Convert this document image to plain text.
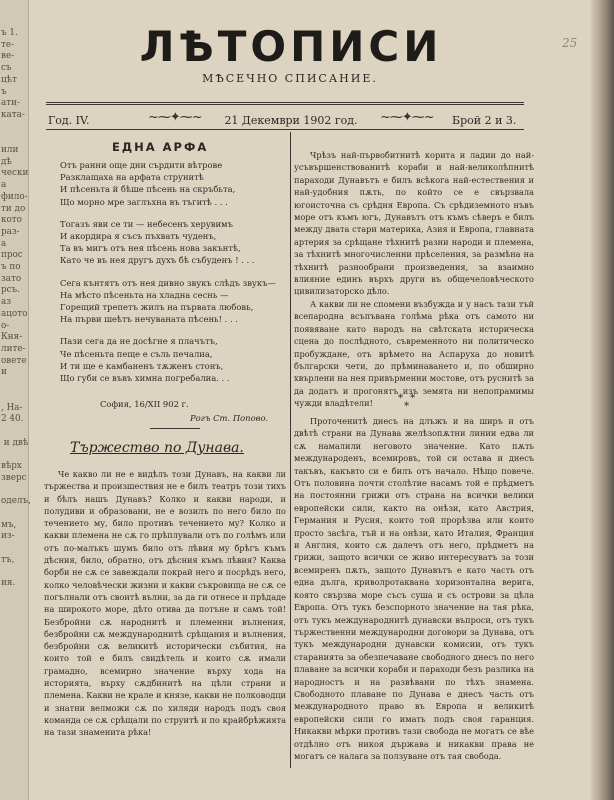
ъ 1.
те-
ве-
съ
цѣт
ъ
ати-
ката-

или
дѣ
чески
а
фило-
ти до
кото
раз-
а
прос
ъ по
зато
рсъ.
аз
ацото
о-
Кня-
лите-
овете
и

, На-
2 40.

и двѣ

вѣрх
зверс

оделъ,

мъ,
из-

тъ,

ия.
25
ЛѢТОПИСИ
МѢСЕЧНО СПИСАНИЕ.
Год. IV.	~⁓✦⁓~	21 Декември 1902 год.	~⁓✦⁓~ Брой 2 и 3.
ЕДНА АРФА

Отъ ранни още дни сърдити вѣтрове

Разклащаха на арфата струнитѣ

И пѣсеньта й бѣше пѣсень на скръбьта,

Що морно мре заглъхна въ тъгитѣ . . .

Тогазъ яви се ти — небесенъ херувимъ

И акордира я съсъ пъхвать чуденъ,

Та въ мигъ отъ нея пѣсень нова закънтѣ,

Като че въ нея другъ духъ бѣ събуденъ ! . . .

Сега кънтятъ отъ нея дивно звукъ слѣдъ звукъ—

На мѣсто пѣсеньта на хладна сеснь —

Горещий трепетъ жилъ на първата любовь,

На първи шеѣтъ нечуваната пѣсень! . . .

Пази сега да не досѣгне я плачътъ,

Че пѣсеньта пеще е съль печалиа,

И ти ще е камбаненъ тѫженъ стонъ,

Що губи се въвъ химна погребалиа. . .

София, 16/XII 902 г.
Рогъ Ст. Попово.
Тържество по Дунава.
Че какво ли не е видѣлъ този Дунавъ, на какви ли тържества и произшествия не е билъ театръ този тихъ и бѣлъ нашъ Дунавъ? Колко и какви народи, и полудиви и образовани, не е возилъ по него било по течението му, било противъ течението му? Колко и какви племена не сѫ го прѣплували отъ по голѣмъ или отъ по-малъкъ шумъ било отъ лѣвия му брѣгъ къмъ дѣсния, било, обратно, отъ дѣсния къмъ лѣвия? Каква борби не сѫ се завеждали покрай него и посрѣдъ него, колко человѣчески жизни и какви съкровища не сѫ се погълнали отъ своитѣ вълни, за да ги отнесе и прѣдаде на широкото море, дѣто отива да потъне и самъ той! Безбройни сѫ народнитѣ и племенни вълнения, безбройни сѫ международнитѣ срѣщания и вълнения, безбройни сѫ великитѣ исторически събития, на които той е билъ свидѣтель и които сѫ имали грамадно, всемирно значение върху хода на историята, върху сѫдбинитѣ на цѣли страни и племена. Какви не крале и князе, какви не полководци и знатни велможи сѫ по хиляди народъ подъ своя команда се сѫ срѣщали по струитѣ и по крайбрѣжията на тази знаменита рѣка!

Чрѣзъ най-първобитнитѣ корита и ладии до най-усъвършенствованитѣ кораби и най-великолѣпнитѣ параходи Дунавътъ е билъ всѣкога най-естествения и най-удобния пѫть, по който се е свързвала югоисточна съ срѣдня Европа. Съ срѣдиземното нъвъ море отъ къмъ югъ, Дунавътъ отъ къмъ сѣверъ е билъ между двата стари материка, Азия и Европа, главната артерия за срѣщане тѣхнитѣ разни народи и племена, за тѣхнитѣ многочисленни прѣселения, за размѣна на тѣхнитѣ разнообрани произведения, за взаимно влияние единъ върхъ други въ общечеловѣческото цивилизаторско дѣло.

А какви ли не спомени възбужда и у насъ тази тъй всепародна всъпъвана голѣма рѣка отъ самото ни появяване като народъ на свѣтската историческа сцена до послѣдното, съвременното ни политическо пробуждане, отъ врѣмето на Аспаруха до новитѣ български чети, до прѣминаването и, по обширно хвърлени на нея привърменни мостове, отъ руснитѣ за да додатъ и прогонятъ изъ земята ни непопрамимы чужди владѣтели!	* *
*
Проточенитѣ днесъ на длъжъ и на ширъ и отъ двѣтѣ страни на Дунава желѣзопѫтни линии едва ли сѫ намалили неговото значение. Като пѫть международенъ, всемировъ, той си остава и днесъ такъвъ, какъвто си е билъ отъ начало. Нѣщо повече. Отъ половина почти столѣтие насамъ той е прѣдметъ на постоянни грижи отъ страна на всички велики европейски сили, както на онѣзи, като Австрия, Германия и Русия, които той прорѣзва или които просто засѣга, тъй и на онѣзи, като Италия, Франция и Англия, които сѫ далечъ отъ него, прѣдметъ на грижи, защото всички се живо интересуватъ за този всемиренъ пѫть, защото Дунавътъ е като часть отъ една дълга, криволротаквана хоризонтална верига, която свързва море съсъ суша и съ острови за цѣла Европа. Отъ тукъ безспорното значение на тая рѣка, отъ тукъ международнитѣ дунавски въпроси, отъ тукъ тържественни международни договори за Дунава, отъ тукъ международни дунавски комисии, отъ тукъ старанията за обезпечаване свободного днесъ по него плаване за всички кораби и параходи безъ разлика на народностъ и на развѣвани по тѣхъ знамена. Свободното плаване по Дунава е днесъ часть отъ международното право въ Европа и великитѣ европейски сили го имать подъ своя гаранция. Никакви мѣрки противъ тази свобода не могатъ се вѣе отдѣлно отъ никоя държава и никакви права не могатъ се налага за ползуване отъ тая свобода.
